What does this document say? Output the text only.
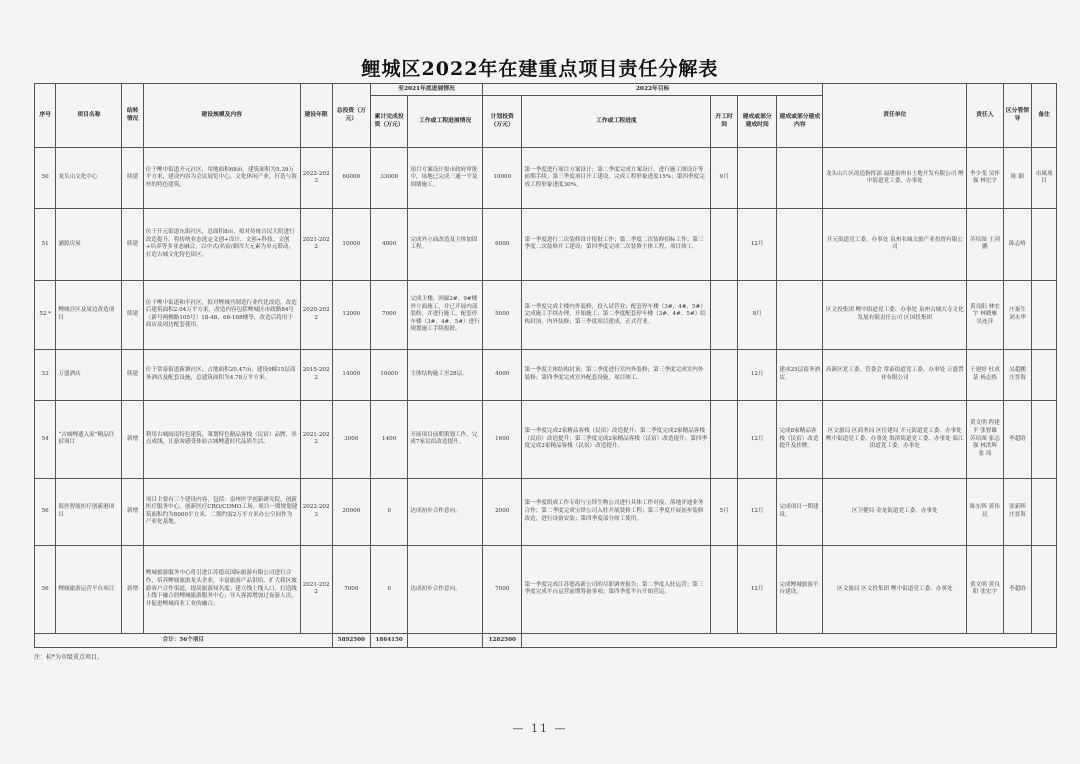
鲤城区2022年在建重点项目责任分解表
序号	项目名称	结转情况	建设规模及内容	建设年限	总投资（万元）	至2021年底进展情况		2022年目标					责任单位	责任人	区分管领导	备注
						累计完成投资（万元）	工作或工程进展情况	计划投资（万元）	工作或工程进度	开工时间	建成或部分建成时间	建成或部分建成内容				
50	龙头山文化中心	续建	位于鲤中街道开元社区，用地面积68亩，建筑面积为5.39万平方米，建设内容为会议展览中心、文化休闲产业，打造与海丝的特色建筑。	2022-2023	60000	33000	项目方案设计报市政府审批中，场地已完成三通一平及围墙施工。	10000	第一季度进行项目方案设计；第二季度完成方案设计，进行施工图设计等前期手续；第三季度项目开工建设，完成工程形象进度15%；第四季度完成工程形象进度30%。	9月			龙头山片区改造指挥部 福建泉州市土地开发有限公司 鲤中街道党工委、办事处	李少斐 吴怀强 林宏宇	陈 颖	市属项目
51	涵源房屋	续建	位于开元街道东街社区，总面积8亩，拟对传统古民大院进行改造提升，将传统业态选定文创+设计、文创+科技、文创+培养等多业态融合，以中式/名宿/新四大元素为单元联动，打造古城文化特色街区。	2021-2022	10000	4000	完成外立面改造及主体加固工程。	6000	第一季度进行二次装修设计报批工作；第二季度二次装修招标工作；第三季度二次装修开工建设；第四季度完成二次装修主体工程，项目竣工。		12月		开元街道党工委、办事处 泉州名城文旅产业投资有限公司	苏培图 王剑鹏	陈志岭	
52 *	鲤城宫区及周边改造项目	续建	位于鲤中街道和平社区，拟对鲤城宫制造行业代化改造，改造后建筑面积2.04万平方米，改造内容包括鲤城区市政路84号（新号两侧路105号）18-48、68-108楼等，改造后将用于商店及周边配套使用。	2020-2022	12000	7000	完成主楼，回廊2#、9#楼外立面施工，并已开展内部装修，并进行施工，配套停车楼（3#、4#、5#）进行规划施工手续报批。	5000	第一季度完成主楼内外装修，投入试营业；配套停车楼（3#、4#、5#）完成施工手续办理，开始施工；第二季度配套停车楼（3#、4#、5#）结构封顶，内外装修；第三季度项目建成，正式营业。		8月		区文投集团 鲤中街道党工委、办事处 泉州古城大寺文化发展有限责任公司 区国投集团	黄良阳 林宏宇 林晓雁 吴连萍	庄秦生 刘永华	
53	万盛酒店	续建	位于常泰街道新塘社区，占地面积20.47亩，建设9幢15层商务酒店及配套设施，总建筑面积为4.78万平方米。	2015-2022	14000	10000	主体结构施工至28层。	4000	第一季度主体结构封顶；第二季度进行室内外装修；第三季度完成室内外装修；第四季度完成室外配套设施，项目竣工。		12月	建成25层商务酒店。	高新区党工委、管委会 常泰街道党工委、办事处 万盛置业有限公司	于建婷 杜成基 杨志炼	吴超鹏 庄晋海	
54	“古城鲤遗入家”精品住宿项目	新增	利用古城闽南特色建筑，策划特色精品客栈（民宿）品牌，串点成线，让游客感受体验古城鲤遗时代品质生活。	2021-2022	3000	1400	开展项目前期策划工作，完成7家民宿改造提升。	1600	第一季度完成2家精品客栈（民宿）改造提升；第二季度完成2家精品客栈（民宿）改造提升；第三季度完成2家精品客栈（民宿）改造提升；第四季度完成2家精品客栈（民宿）改造提升。		12月	完成8家精品客栈（民宿）改造提升及挂牌。	区文旅局 区商务局 区住建局 开元街道党工委、办事处 鲤中街道党工委、办事处 海滨街道党工委、办事处 临江街道党工委、办事处	黄文明 程建平 张智雄 苏培图 张志强 林洪辉 张 琦	李超晗	
56	海丝智能医疗创新港项目	新增	项目主要有三个建设内容，包括：泉州医学创新研究院、创新医疗服务中心、创新医疗CRO/CDMO工场。项目一期规划建筑面积约为8000平方米，二期约需2万平方米办公空间作为产业化基地。	2022-2023	20000	0	达成初步合作意向。	2000	第一季度组成工作专组与宝铎生物公司进行具体工作对接，落地并迪业务合作；第二季度完成宝铎公司入驻开展装修工程；第三季度开展初步装修改造，进行设备安装；第四季度部分竣工使用。	5月	12月	完成项目一期建设。	区卫健局 金龙街道党工委、办事处	陈东辉 黄伟民	张新晖 庄晋海	
56	鲤城旅游运营平台项目	新增	鲤城旅游服务中心将引进江苏德高国际旅游有限公司进行合作，培养鲤城旅游龙头企业，丰富旅游产品供给，扩大我区旅游客户合作渠道，提高旅游知名度；建立线上线入口，打造线上线下融合的鲤城旅游服务中心；导入客源增加过夜游人次，并促进鲤城商业工业的融合。	2021-2022	7000	0	达成初步合作意向。	7000	第一季度完成江苏德高新公司的尽职调查报告；第二季度入驻运营；第三季度完成平台运营前期筹备事项；第四季度平台开始营运。		12月	完成鲤城旅游平台建设。	区文旅局 区文投集团 鲤中街道党工委、办事处	黄文明 黄良阳 张宏宇	李超晗	
合计：56个项目					5892500	1864150		1282500								
注：标*为市级重点项目。
— 11 —
